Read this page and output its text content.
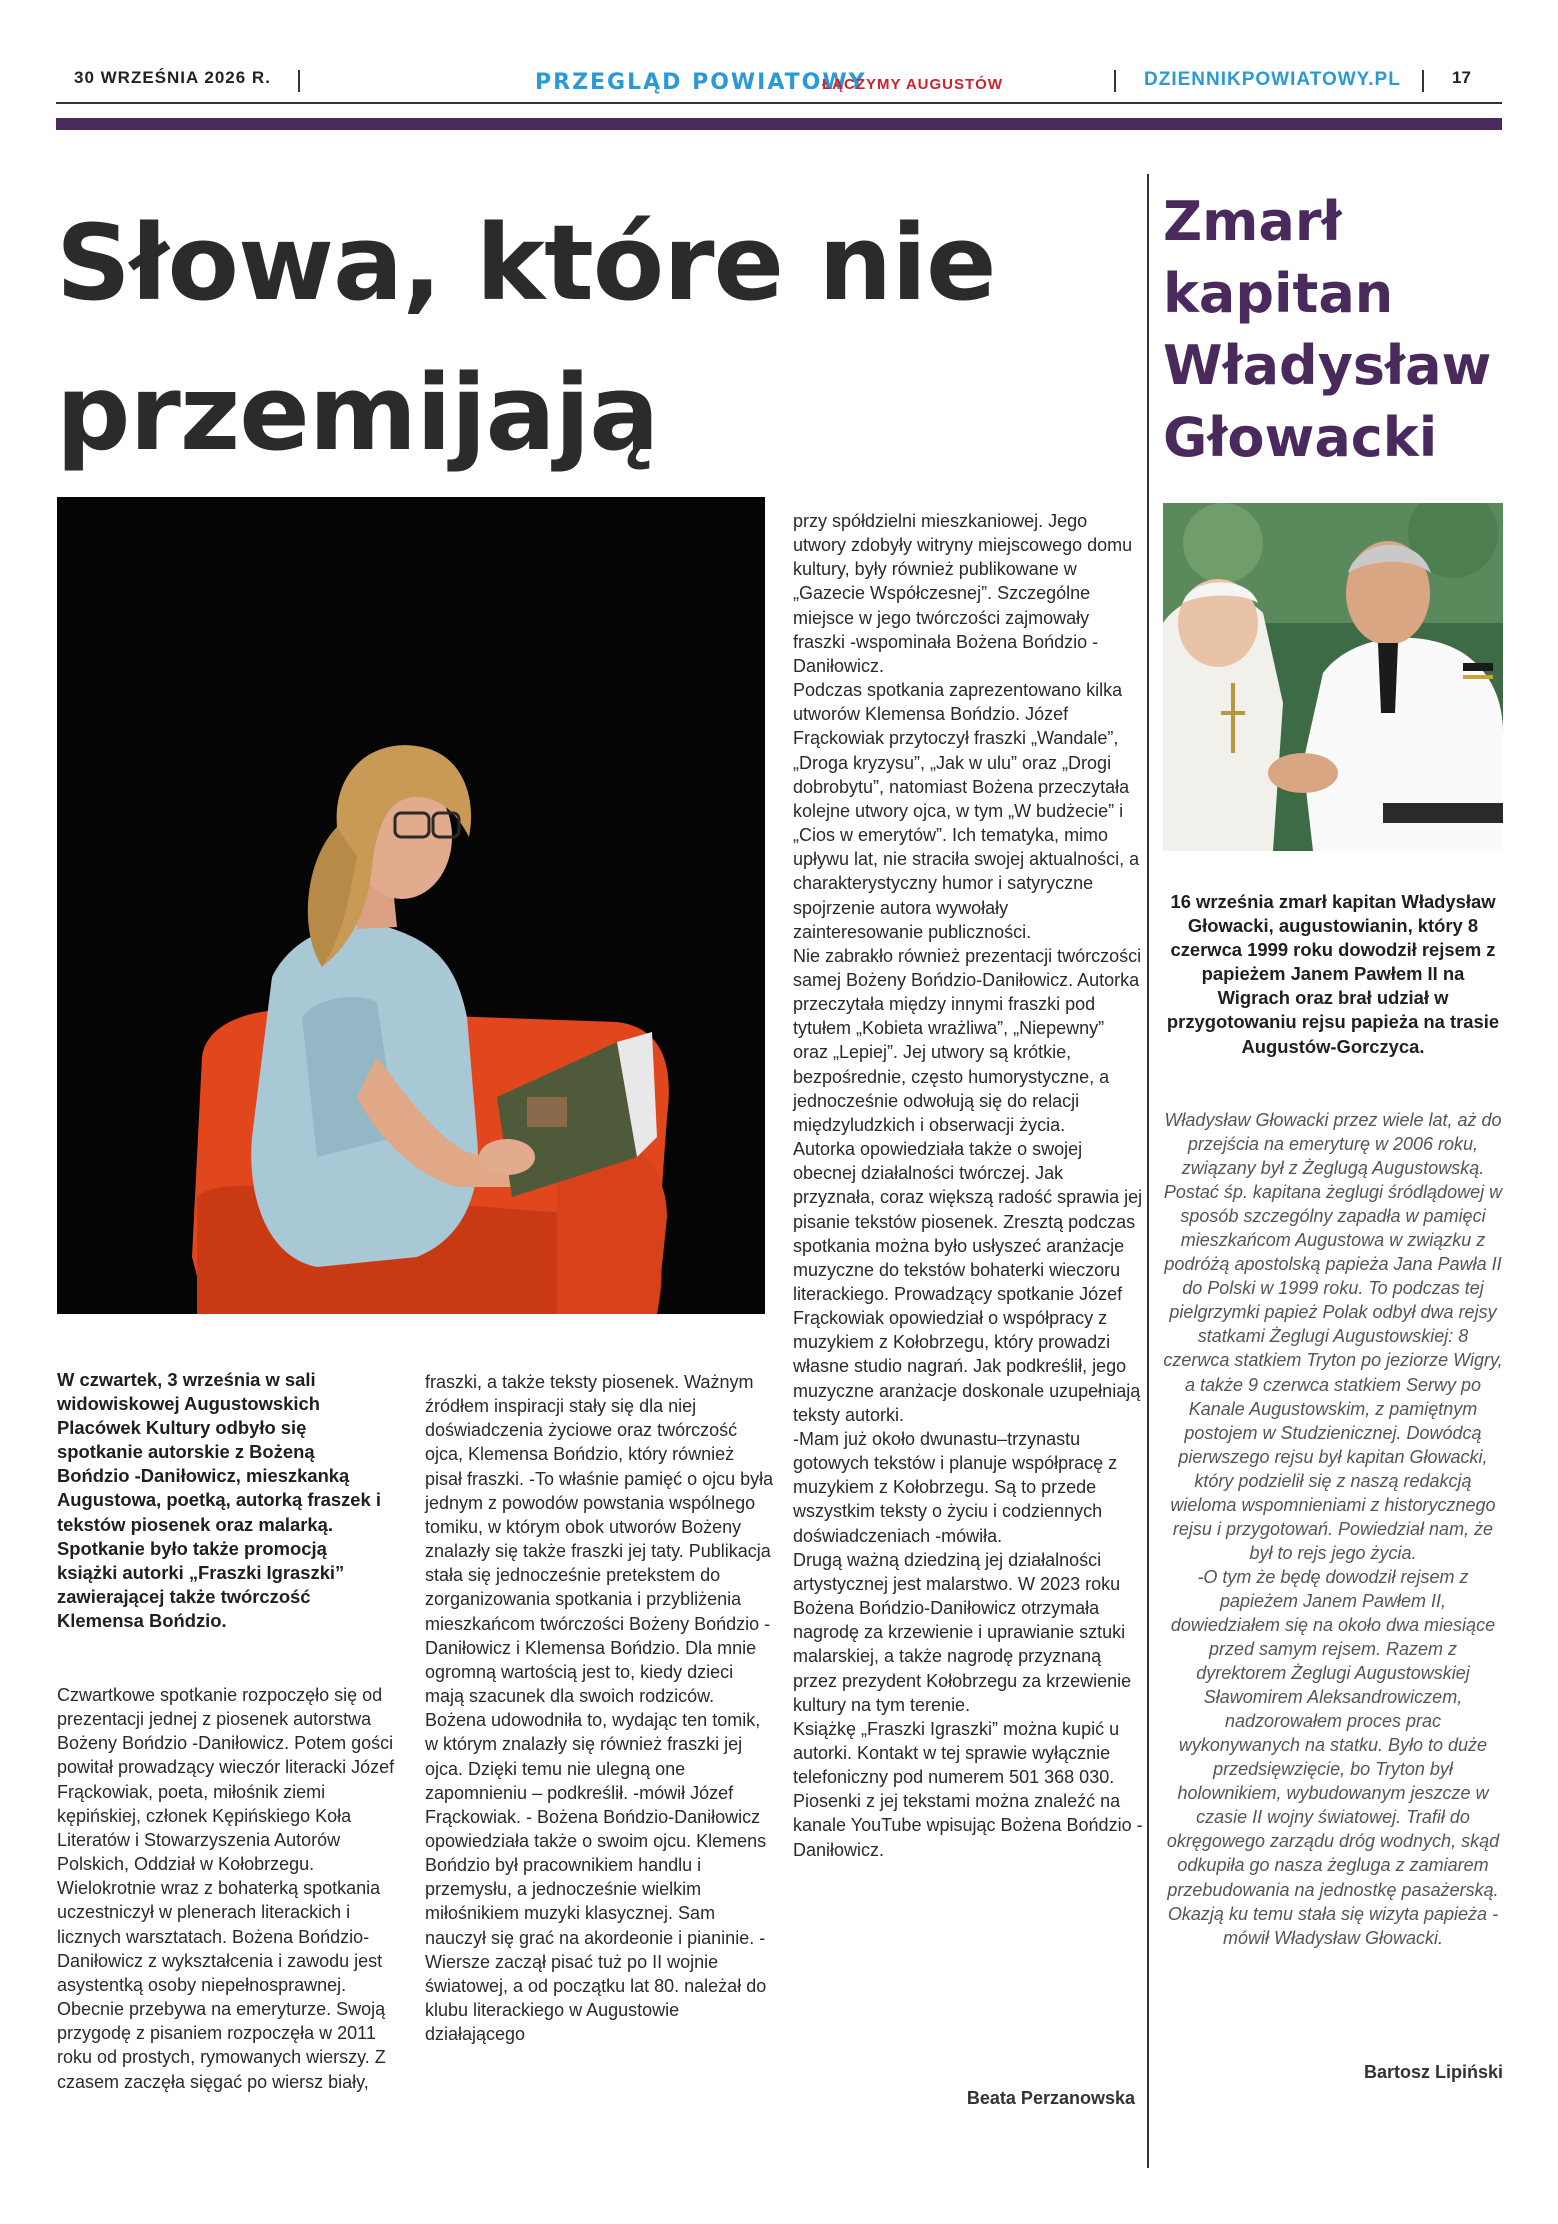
30 WRZEŚNIA 2026 R.	PRZEGLĄD POWIATOWY
ŁĄCZYMY AUGUSTÓW	DZIENNIKPOWIATOWY.PL	17
Słowa, które nie przemijają
W czwartek, 3 września w sali widowiskowej Augustowskich Placówek Kultury odbyło się spotkanie autorskie z Bożeną Bońdzio -Daniłowicz, mieszkanką Augustowa, poetką, autorką fraszek i tekstów piosenek oraz malarką. Spotkanie było także promocją książki autorki „Fraszki Igraszki” zawierającej także twórczość Klemensa Bońdzio.
Czwartkowe spotkanie rozpoczęło się od prezentacji jednej z piosenek autorstwa Bożeny Bońdzio -Daniłowicz. Potem gości powitał prowadzący wieczór literacki Józef Frąckowiak, poeta, miłośnik ziemi kępińskiej, członek Kępińskiego Koła Literatów i Stowarzyszenia Autorów Polskich, Oddział w Kołobrzegu. Wielokrotnie wraz z bohaterką spotkania uczestniczył w plenerach literackich i licznych warsztatach. Bożena Bońdzio-Daniłowicz z wykształcenia i zawodu jest asystentką osoby niepełnosprawnej. Obecnie przebywa na emeryturze. Swoją przygodę z pisaniem rozpoczęła w 2011 roku od prostych, rymowanych wierszy. Z czasem zaczęła sięgać po wiersz biały,
fraszki, a także teksty piosenek. Ważnym źródłem inspiracji stały się dla niej doświadczenia życiowe oraz twórczość ojca, Klemensa Bońdzio, który również pisał fraszki. -To właśnie pamięć o ojcu była jednym z powodów powstania wspólnego tomiku, w którym obok utworów Bożeny znalazły się także fraszki jej taty. Publikacja stała się jednocześnie pretekstem do zorganizowania spotkania i przybliżenia mieszkańcom twórczości Bożeny Bońdzio -Daniłowicz i Klemensa Bońdzio. Dla mnie ogromną wartością jest to, kiedy dzieci mają szacunek dla swoich rodziców. Bożena udowodniła to, wydając ten tomik, w którym znalazły się również fraszki jej ojca. Dzięki temu nie ulegną one zapomnieniu – podkreślił. -mówił Józef Frąckowiak. - Bożena Bońdzio-Daniłowicz opowiedziała także o swoim ojcu. Klemens Bońdzio był pracownikiem handlu i przemysłu, a jednocześnie wielkim miłośnikiem muzyki klasycznej. Sam nauczył się grać na akordeonie i pianinie. -Wiersze zaczął pisać tuż po II wojnie światowej, a od początku lat 80. należał do klubu literackiego w Augustowie działającego

przy spółdzielni mieszkaniowej. Jego utwory zdobyły witryny miejscowego domu kultury, były również publikowane w „Gazecie Współczesnej”. Szczególne miejsce w jego twórczości zajmowały fraszki -wspominała Bożena Bońdzio -Daniłowicz.

Podczas spotkania zaprezentowano kilka utworów Klemensa Bońdzio. Józef Frąckowiak przytoczył fraszki „Wandale”, „Droga kryzysu”, „Jak w ulu” oraz „Drogi dobrobytu”, natomiast Bożena przeczytała kolejne utwory ojca, w tym „W budżecie” i „Cios w emerytów”. Ich tematyka, mimo upływu lat, nie straciła swojej aktualności, a charakterystyczny humor i satyryczne spojrzenie autora wywołały zainteresowanie publiczności.

Nie zabrakło również prezentacji twórczości samej Bożeny Bońdzio-Daniłowicz. Autorka przeczytała między innymi fraszki pod tytułem „Kobieta wrażliwa”, „Niepewny” oraz „Lepiej”. Jej utwory są krótkie, bezpośrednie, często humorystyczne, a jednocześnie odwołują się do relacji międzyludzkich i obserwacji życia.

Autorka opowiedziała także o swojej obecnej działalności twórczej. Jak przyznała, coraz większą radość sprawia jej pisanie tekstów piosenek. Zresztą podczas spotkania można było usłyszeć aranżacje muzyczne do tekstów bohaterki wieczoru literackiego. Prowadzący spotkanie Józef Frąckowiak opowiedział o współpracy z muzykiem z Kołobrzegu, który prowadzi własne studio nagrań. Jak podkreślił, jego muzyczne aranżacje doskonale uzupełniają teksty autorki.

-Mam już około dwunastu–trzynastu gotowych tekstów i planuje współpracę z muzykiem z Kołobrzegu. Są to przede wszystkim teksty o życiu i codziennych doświadczeniach -mówiła.

Drugą ważną dziedziną jej działalności artystycznej jest malarstwo. W 2023 roku Bożena Bońdzio-Daniłowicz otrzymała nagrodę za krzewienie i uprawianie sztuki malarskiej, a także nagrodę przyznaną przez prezydent Kołobrzegu za krzewienie kultury na tym terenie.

Książkę „Fraszki Igraszki” można kupić u autorki. Kontakt w tej sprawie wyłącznie telefoniczny pod numerem 501 368 030.

Piosenki z jej tekstami można znaleźć na kanale YouTube wpisując Bożena Bońdzio -Daniłowicz.

Beata Perzanowska
Zmarł kapitan Władysław Głowacki
16 września zmarł kapitan Władysław Głowacki, augustowianin, który 8 czerwca 1999 roku dowodził rejsem z papieżem Janem Pawłem II na Wigrach oraz brał udział w przygotowaniu rejsu papieża na trasie Augustów-Gorczyca.

Władysław Głowacki przez wiele lat, aż do przejścia na emeryturę w 2006 roku, związany był z Żeglugą Augustowską. Postać śp. kapitana żeglugi śródlądowej w sposób szczególny zapadła w pamięci mieszkańcom Augustowa w związku z podróżą apostolską papieża Jana Pawła II do Polski w 1999 roku. To podczas tej pielgrzymki papież Polak odbył dwa rejsy statkami Żeglugi Augustowskiej: 8 czerwca statkiem Tryton po jeziorze Wigry, a także 9 czerwca statkiem Serwy po Kanale Augustowskim, z pamiętnym postojem w Studzienicznej. Dowódcą pierwszego rejsu był kapitan Głowacki, który podzielił się z naszą redakcją wieloma wspomnieniami z historycznego rejsu i przygotowań. Powiedział nam, że był to rejs jego życia.

-O tym że będę dowodził rejsem z papieżem Janem Pawłem II, dowiedziałem się na około dwa miesiące przed samym rejsem. Razem z dyrektorem Żeglugi Augustowskiej Sławomirem Aleksandrowiczem, nadzorowałem proces prac wykonywanych na statku. Było to duże przedsięwzięcie, bo Tryton był holownikiem, wybudowanym jeszcze w czasie II wojny światowej. Trafił do okręgowego zarządu dróg wodnych, skąd odkupiła go nasza żegluga z zamiarem przebudowania na jednostkę pasażerską. Okazją ku temu stała się wizyta papieża -mówił Władysław Głowacki.

Bartosz Lipiński
